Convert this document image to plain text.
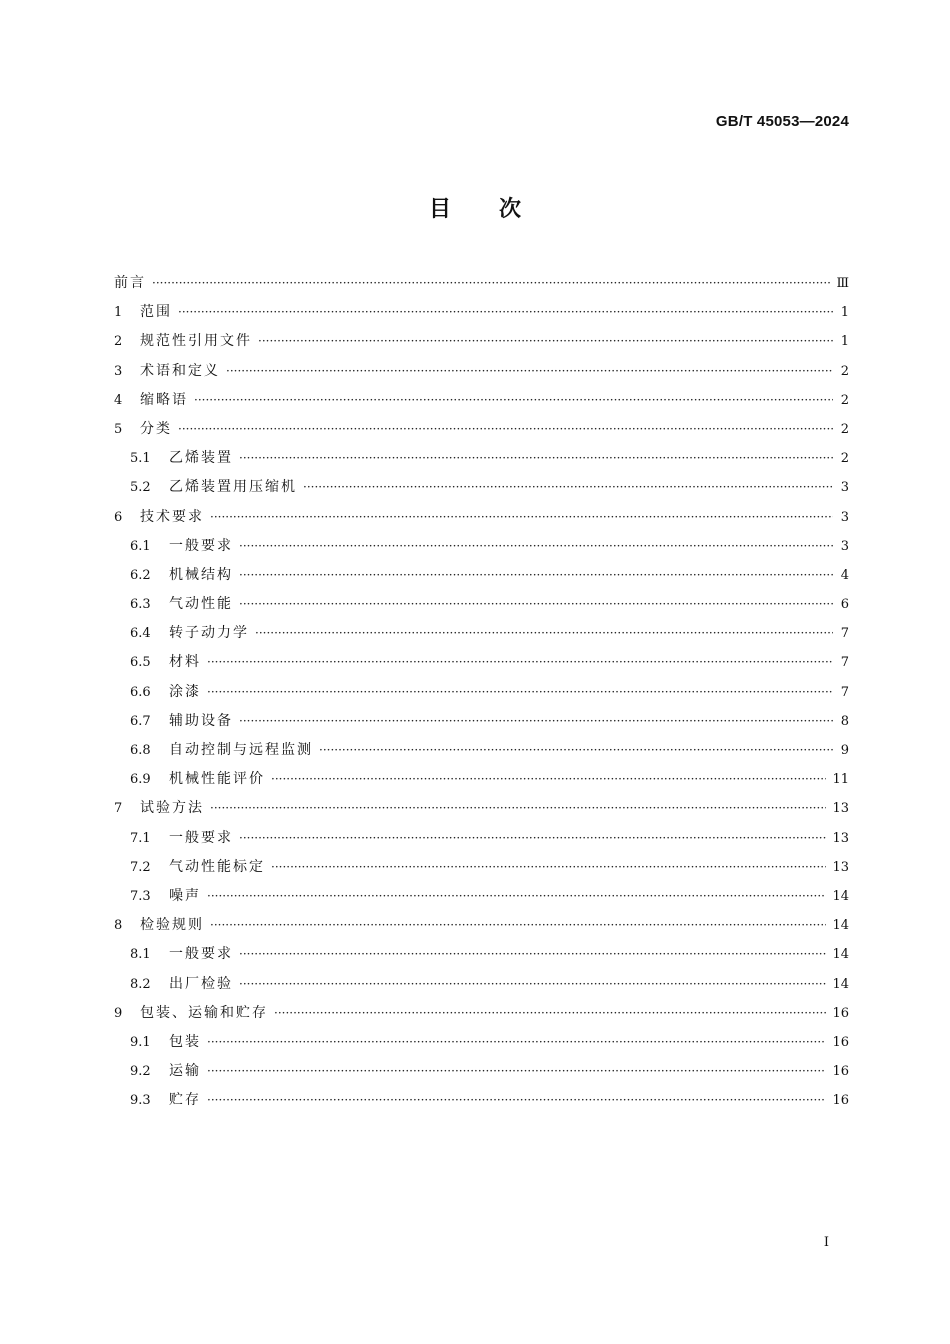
GB/T 45053—2024
目次
前言 ·····	Ⅲ
1	范围 ·····	1
2	规范性引用文件 ·····	1
3	术语和定义 ·····	2
4	缩略语 ·····	2
5	分类 ·····	2
5.1	乙烯装置 ·····	2
5.2	乙烯装置用压缩机 ·····	3
6	技术要求 ·····	3
6.1	一般要求 ·····	3
6.2	机械结构 ·····	4
6.3	气动性能 ·····	6
6.4	转子动力学 ·····	7
6.5	材料 ·····	7
6.6	涂漆 ·····	7
6.7	辅助设备 ·····	8
6.8	自动控制与远程监测 ·····	9
6.9	机械性能评价 ·····	11
7	试验方法 ·····	13
7.1	一般要求 ·····	13
7.2	气动性能标定 ·····	13
7.3	噪声 ·····	14
8	检验规则 ·····	14
8.1	一般要求 ·····	14
8.2	出厂检验 ·····	14
9	包装、运输和贮存 ·····	16
9.1	包装 ·····	16
9.2	运输 ·····	16
9.3	贮存 ·····	16
I
